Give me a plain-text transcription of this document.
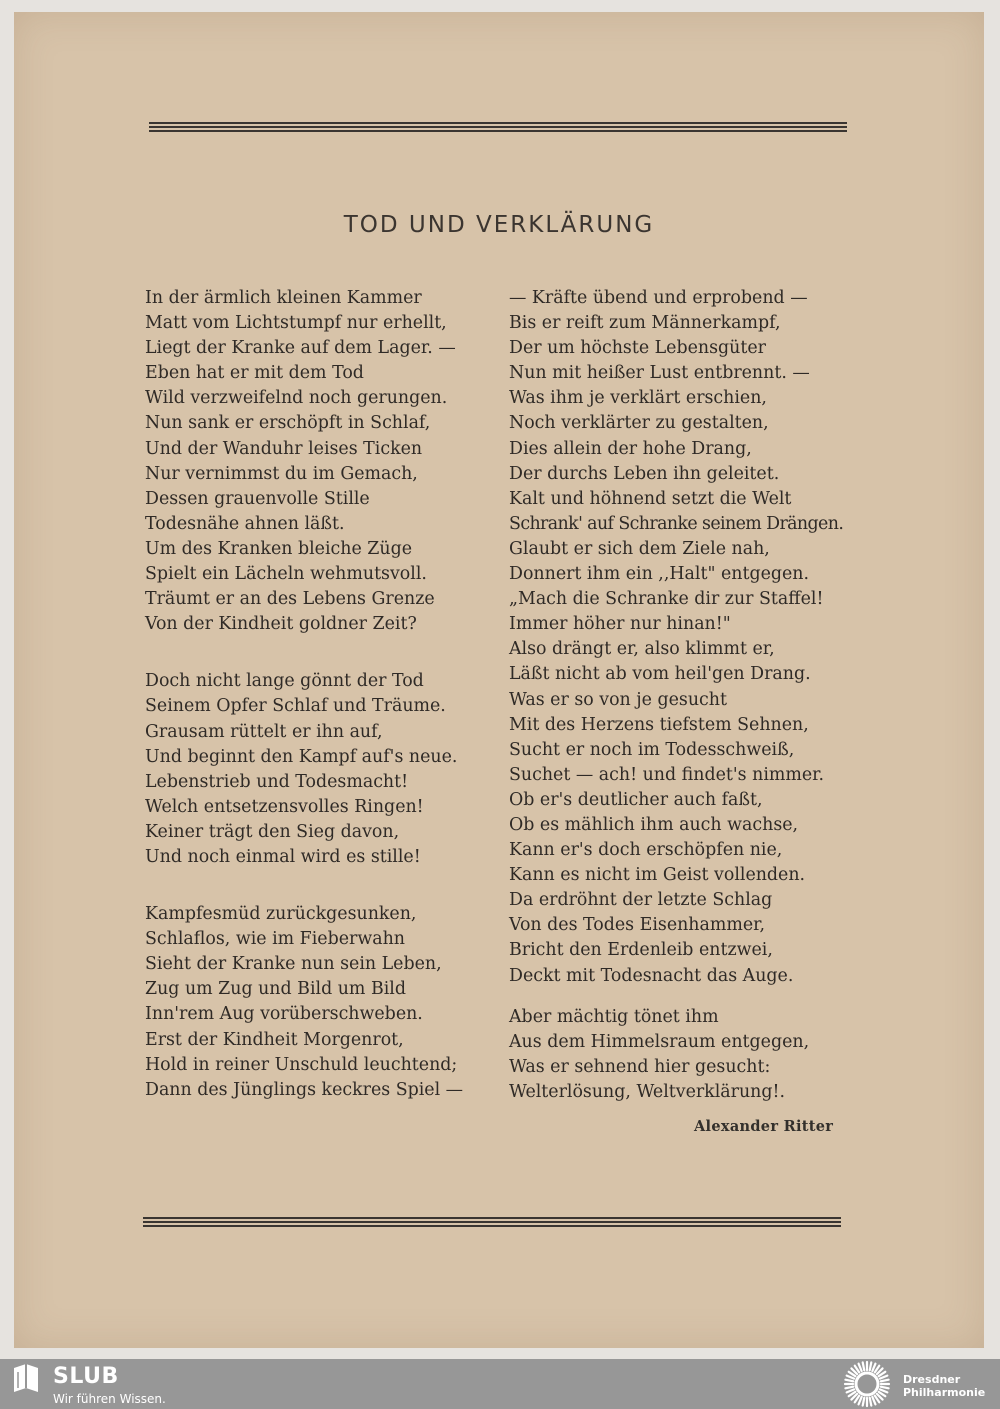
TOD UND VERKLÄRUNG
In der ärmlich kleinen Kammer
Matt vom Lichtstumpf nur erhellt,
Liegt der Kranke auf dem Lager. —
Eben hat er mit dem Tod
Wild verzweifelnd noch gerungen.
Nun sank er erschöpft in Schlaf,
Und der Wanduhr leises Ticken
Nur vernimmst du im Gemach,
Dessen grauenvolle Stille
Todesnähe ahnen läßt.
Um des Kranken bleiche Züge
Spielt ein Lächeln wehmutsvoll.
Träumt er an des Lebens Grenze
Von der Kindheit goldner Zeit?
Doch nicht lange gönnt der Tod
Seinem Opfer Schlaf und Träume.
Grausam rüttelt er ihn auf,
Und beginnt den Kampf auf's neue.
Lebenstrieb und Todesmacht!
Welch entsetzensvolles Ringen!
Keiner trägt den Sieg davon,
Und noch einmal wird es stille!
Kampfesmüd zurückgesunken,
Schlaflos, wie im Fieberwahn
Sieht der Kranke nun sein Leben,
Zug um Zug und Bild um Bild
Inn'rem Aug vorüberschweben.
Erst der Kindheit Morgenrot,
Hold in reiner Unschuld leuchtend;
Dann des Jünglings keckres Spiel —
— Kräfte übend und erprobend —
Bis er reift zum Männerkampf,
Der um höchste Lebensgüter
Nun mit heißer Lust entbrennt. —
Was ihm je verklärt erschien,
Noch verklärter zu gestalten,
Dies allein der hohe Drang,
Der durchs Leben ihn geleitet.
Kalt und höhnend setzt die Welt
Schrank' auf Schranke seinem Drängen.
Glaubt er sich dem Ziele nah,
Donnert ihm ein ,,Halt" entgegen.
„Mach die Schranke dir zur Staffel!
Immer höher nur hinan!"
Also drängt er, also klimmt er,
Läßt nicht ab vom heil'gen Drang.
Was er so von je gesucht
Mit des Herzens tiefstem Sehnen,
Sucht er noch im Todesschweiß,
Suchet — ach! und findet's nimmer.
Ob er's deutlicher auch faßt,
Ob es mählich ihm auch wachse,
Kann er's doch erschöpfen nie,
Kann es nicht im Geist vollenden.
Da erdröhnt der letzte Schlag
Von des Todes Eisenhammer,
Bricht den Erdenleib entzwei,
Deckt mit Todesnacht das Auge.
Aber mächtig tönet ihm
Aus dem Himmelsraum entgegen,
Was er sehnend hier gesucht:
Welterlösung, Weltverklärung!.
Alexander Ritter
SLUB
Wir führen Wissen.
Dresdner
Philharmonie
